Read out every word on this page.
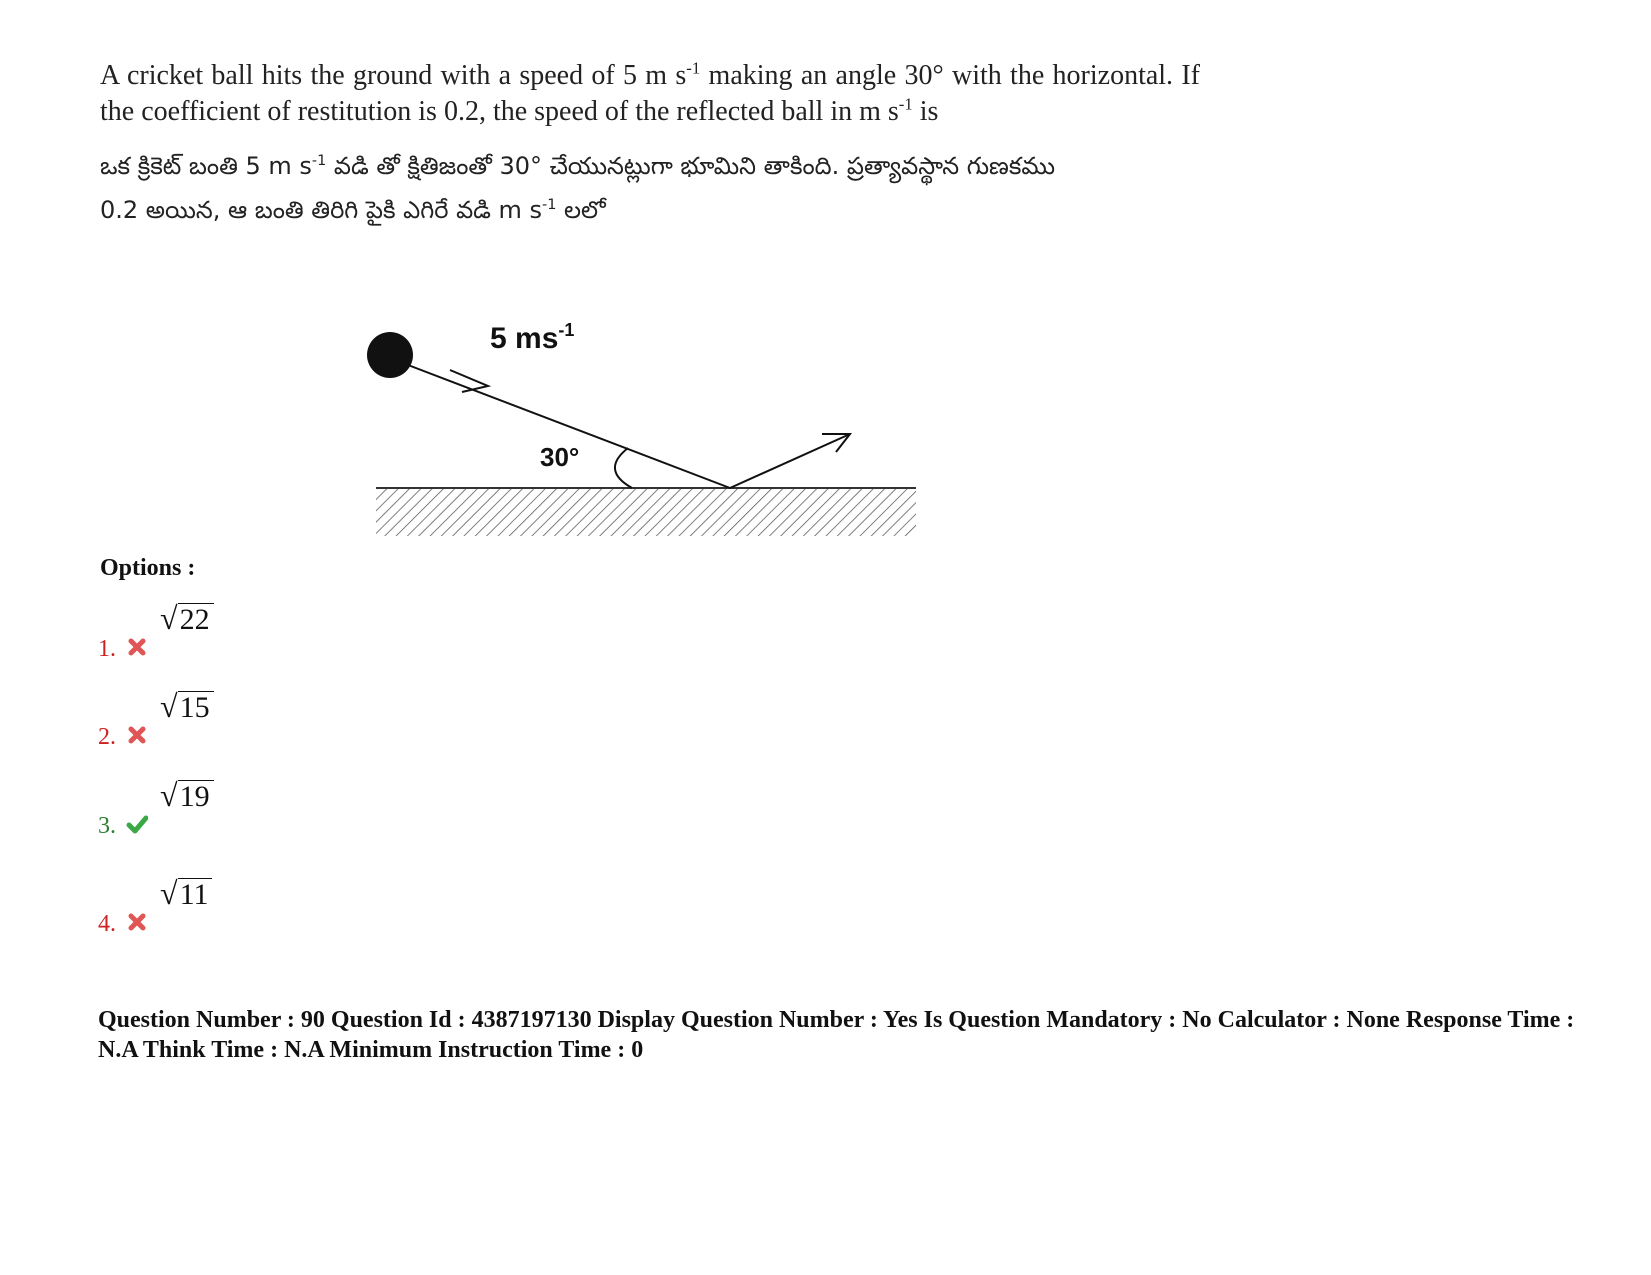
A cricket ball hits the ground with a speed of 5 m $s^{-1}$ making an angle 30° with the horizontal. If the coefficient of restitution is 0.2, the speed of the reflected ball in m $s^{-1}$ is
ఒక క్రికెట్ బంతి 5 m $s^{-1}$ వడి తో క్షితిజంతో 30° చేయునట్లుగా భూమిని తాకింది. ప్రత్యావస్థాన గుణకము
0.2 అయిన, ఆ బంతి తిరిగి పైకి ఎగిరే వడి m $s^{-1}$ లలో
5 $ms^{-1}$
30°
Options :
1.
√22
2.
√15
3.
√19
4.
√11
Question Number : 90 Question Id : 4387197130 Display Question Number : Yes Is Question Mandatory : No Calculator : None Response Time : N.A Think Time : N.A Minimum Instruction Time : 0
